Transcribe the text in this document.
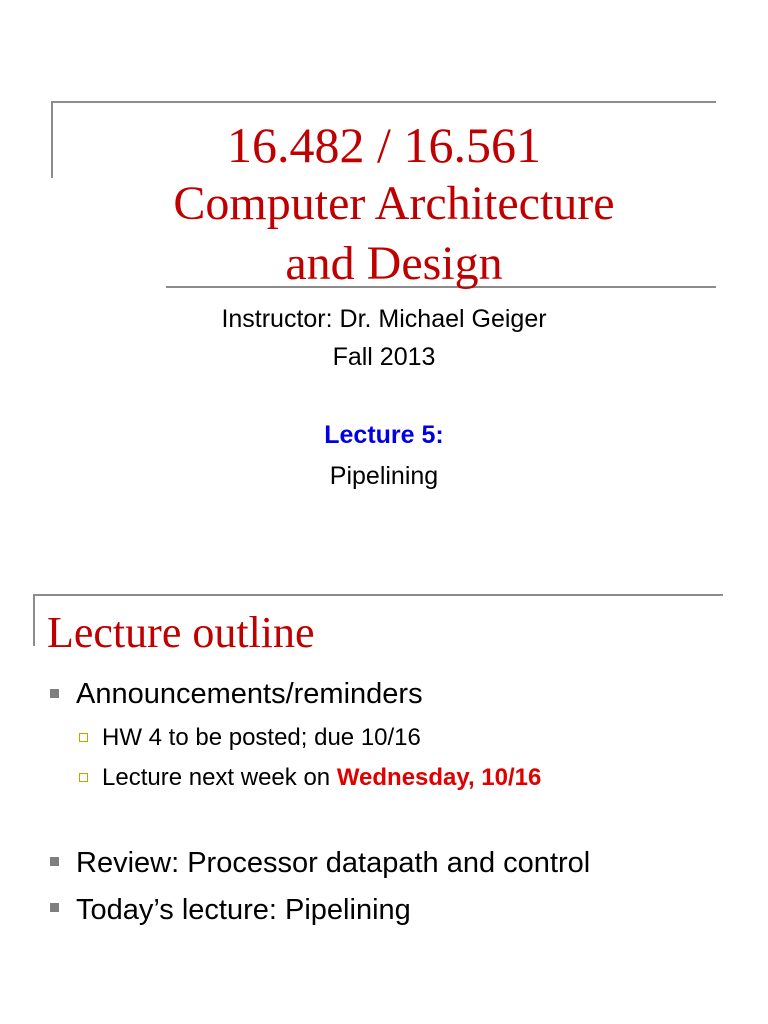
16.482 / 16.561
Computer Architecture
and Design
Instructor: Dr. Michael Geiger
Fall 2013
Lecture 5:
Pipelining
Lecture outline
Announcements/reminders
HW 4 to be posted; due 10/16
Lecture next week on Wednesday, 10/16
Review: Processor datapath and control
Today’s lecture: Pipelining
